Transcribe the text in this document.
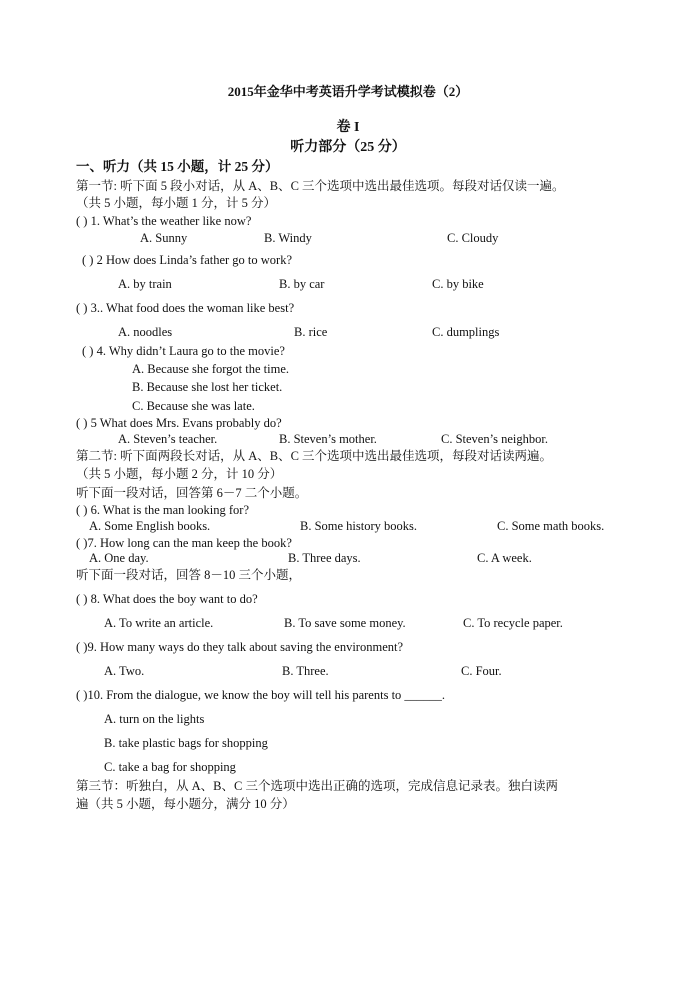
2015年金华中考英语升学考试模拟卷（2）
卷 I
听力部分（25 分）
一、听力（共 15 小题，计 25 分）
第一节: 听下面 5 段小对话，从 A、B、C 三个选项中选出最佳选项。每段对话仅读一遍。
（共 5 小题，每小题 1 分，计 5 分）
( ) 1. What’s the weather like now?
A. Sunny	B. Windy	C. Cloudy
( ) 2 How does Linda’s father go to work?
A. by train	B. by car	C. by bike
( ) 3.. What food does the woman like best?
A. noodles	B. rice	C. dumplings
( ) 4. Why didn’t Laura go to the movie?
A. Because she forgot the time.
B. Because she lost her ticket.
C. Because she was late.
( ) 5 What does Mrs. Evans probably do?
A. Steven’s teacher.	B. Steven’s mother.	C. Steven’s neighbor.
第二节: 听下面两段长对话，从 A、B、C 三个选项中选出最佳选项，每段对话读两遍。
（共 5 小题，每小题 2 分，计 10 分）
听下面一段对话，回答第 6－7 二个小题。
( ) 6. What is the man looking for?
A. Some English books.	B. Some history books.	C. Some math books.
( )7. How long can the man keep the book?
A. One day.	B. Three days.	C. A week.
听下面一段对话，回答 8－10 三个小题，
( ) 8. What does the boy want to do?
A. To write an article.	B. To save some money.	C. To recycle paper.
( )9. How many ways do they talk about saving the environment?
A. Two.	B. Three.	C. Four.
( )10. From the dialogue, we know the boy will tell his parents to ______.
A. turn on the lights
B. take plastic bags for shopping
C. take a bag for shopping
第三节：听独白，从 A、B、C 三个选项中选出正确的选项，完成信息记录表。独白读两
遍（共 5 小题，每小题分，满分 10 分）
